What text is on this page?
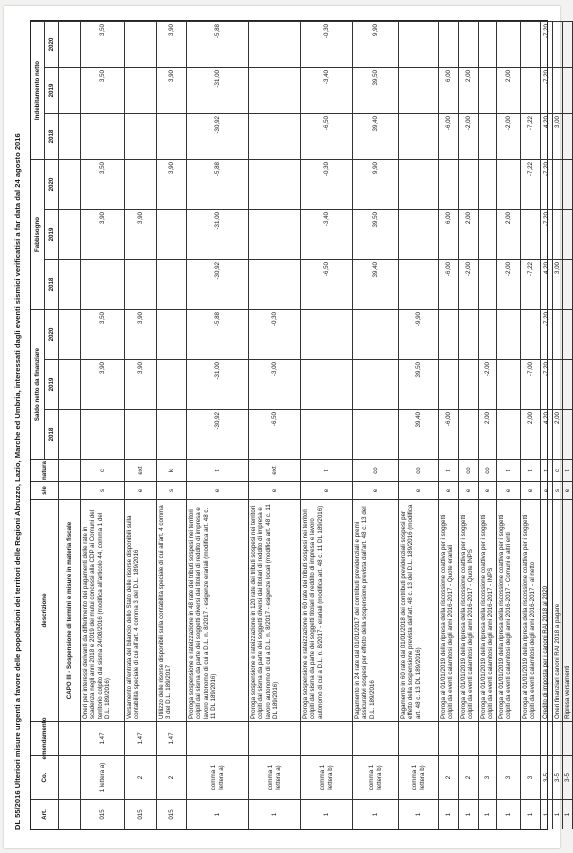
DL 55/2016 Ulteriori misure urgenti a favore delle popolazioni dei territori delle Regioni Abruzzo, Lazio, Marche ed Umbria, interessati dagli eventi sismici verificatisi a far data dal 24 agosto 2016	Art.
Co.
emendamento
descrizione
s/e
natura
Saldo netto da finanziare
Fabbisogno
Indebitamento netto
2018
2019
2020
2018
2019
2020
2018
2019
2020
CAPO III - Sospensione di termini e misure in materia fiscale
015
1 lettera a)
1.47
Oneri per interessi derivanti da differimento dei pagamenti delle rate in scadenza negli anni 2018 e 2019 dei mutui concessi alla CDP ai Comuni del territorio colpito dal sisma 24/08/2016 (modifica all'articolo 44, comma 1 del D.L. 189/2016)
s
c
3,90
3,50
3,90
3,50
3,50
3,50
015
2
1.47
Versamento all'entrata del bilancio dello Stato delle risorse disponibili sulla contabilità speciale di cui all'art. 4 comma 3 del D.L. 189/2016
e
ext
3,90
3,90
3,90
015
2
1.47
Utilizzo delle risorse disponibili sulla contabilità speciale di cui all'art. 4 comma 3 del D.L. 189/2017
s
k
3,90
3,90
3,90
1
comma 1 lettera a)
Proroga sospensione e rateizzazione in 48 rate dei tributi sospesi nei territori colpiti dal sisma da parte dei soggetti diversi dai titolari di reddito di impresa e lavoro autonomo di cui a D.L. n. 8/2017 - esigenze erariali (modifica art. 48 c. 11 DL 189/2016)
e
t
-30,92
-31,00
-5,88
-30,92
-31,00
-5,88
-30,92
-31,00
-5,88
1
comma 1 lettera a)
Proroga sospensione e rateizzazione in 120 rate dei tributi sospesi nei territori colpiti dal sisma da parte dei soggetti diversi dai titolari di reddito di impresa e lavoro autonomo di cui a D.L. n. 8/2017 - esigenze locali (modifica art. 48 c. 11 DL 189/2016)
e
ext
-6,50
-3,00
-0,30
1
comma 1 lettera b)
Proroga sospensione e rateizzazione in 60 rate dei tributi sospesi nei territori colpiti dal sisma da parte dei soggetti titolari di reddito di impresa e lavoro autonomo di cui a D.L. n. 8/2017 - erariali (modifica art. 48 c. 11 DL 189/2016)
e
t
-6,50
-3,40
-0,30
-6,50
-3,40
-0,30
1
comma 1 lettera b)
Pagamento in 24 rate dal 01/01/2017 dei contributi previdenziali e premi assicurativi sospesi per effetto della sospensione prevista dall'art. 48 c. 13 del D.L. 189/2016
e
co
39,40
39,50
9,90
39,40
39,50
9,90
1
comma 1 lettera b)
Pagamento in 60 rate dal 01/01/2018 dei contributi previdenziali sospesi per effetto della sospensione prevista dall'art. 48 c. 13 del D.L. 189/2016 (modifica art. 48 c. 13 DL 189/2016)
e
co
39,40
39,50
-9,90
1
2
Proroga al 01/01/2019 della ripresa della riscossione coattiva per i soggetti colpiti da eventi calamitosi degli anni 2016-2017 - Quote erariali
e
t
-6,00
-6,00
6,00
-6,00
6,00
1
2
Proroga al 01/01/2019 della ripresa della riscossione coattiva per i soggetti colpiti da eventi calamitosi degli anni 2016-2017 - Quote INPS
e
co
-2,00
2,00
-2,00
2,00
1
3
Proroga al 01/01/2019 della ripresa della riscossione coattiva per i soggetti colpiti da eventi calamitosi degli anni 2016-2017 - INPS
e
co
2,00
-2,00
1
3
Proroga al 01/01/2019 della ripresa della riscossione coattiva per i soggetti colpiti da eventi calamitosi degli anni 2016-2017 - Comuni e altri enti
e
t
-2,00
2,00
-2,00
2,00
1
3
Proroga al 01/01/2019 della ripresa della riscossione coattiva per i soggetti colpiti da eventi calamitosi degli anni 2016-2017 - al netto
e
t
2,00
-7,00
-7,22
-7,22
-7,22
1
3-5
Credito di imposta per i canoni RAI 2018 al 2020
e
t
4,20
-7,20
-7,20
4,20
-7,20
-7,20
4,20
-7,20
-7,20
1
3-5
Oneri finanziari canoni RAI 2018 a pagare
s
c
2,00
3,00
3,00
1
3-5
Ripresa versamenti
e
t
